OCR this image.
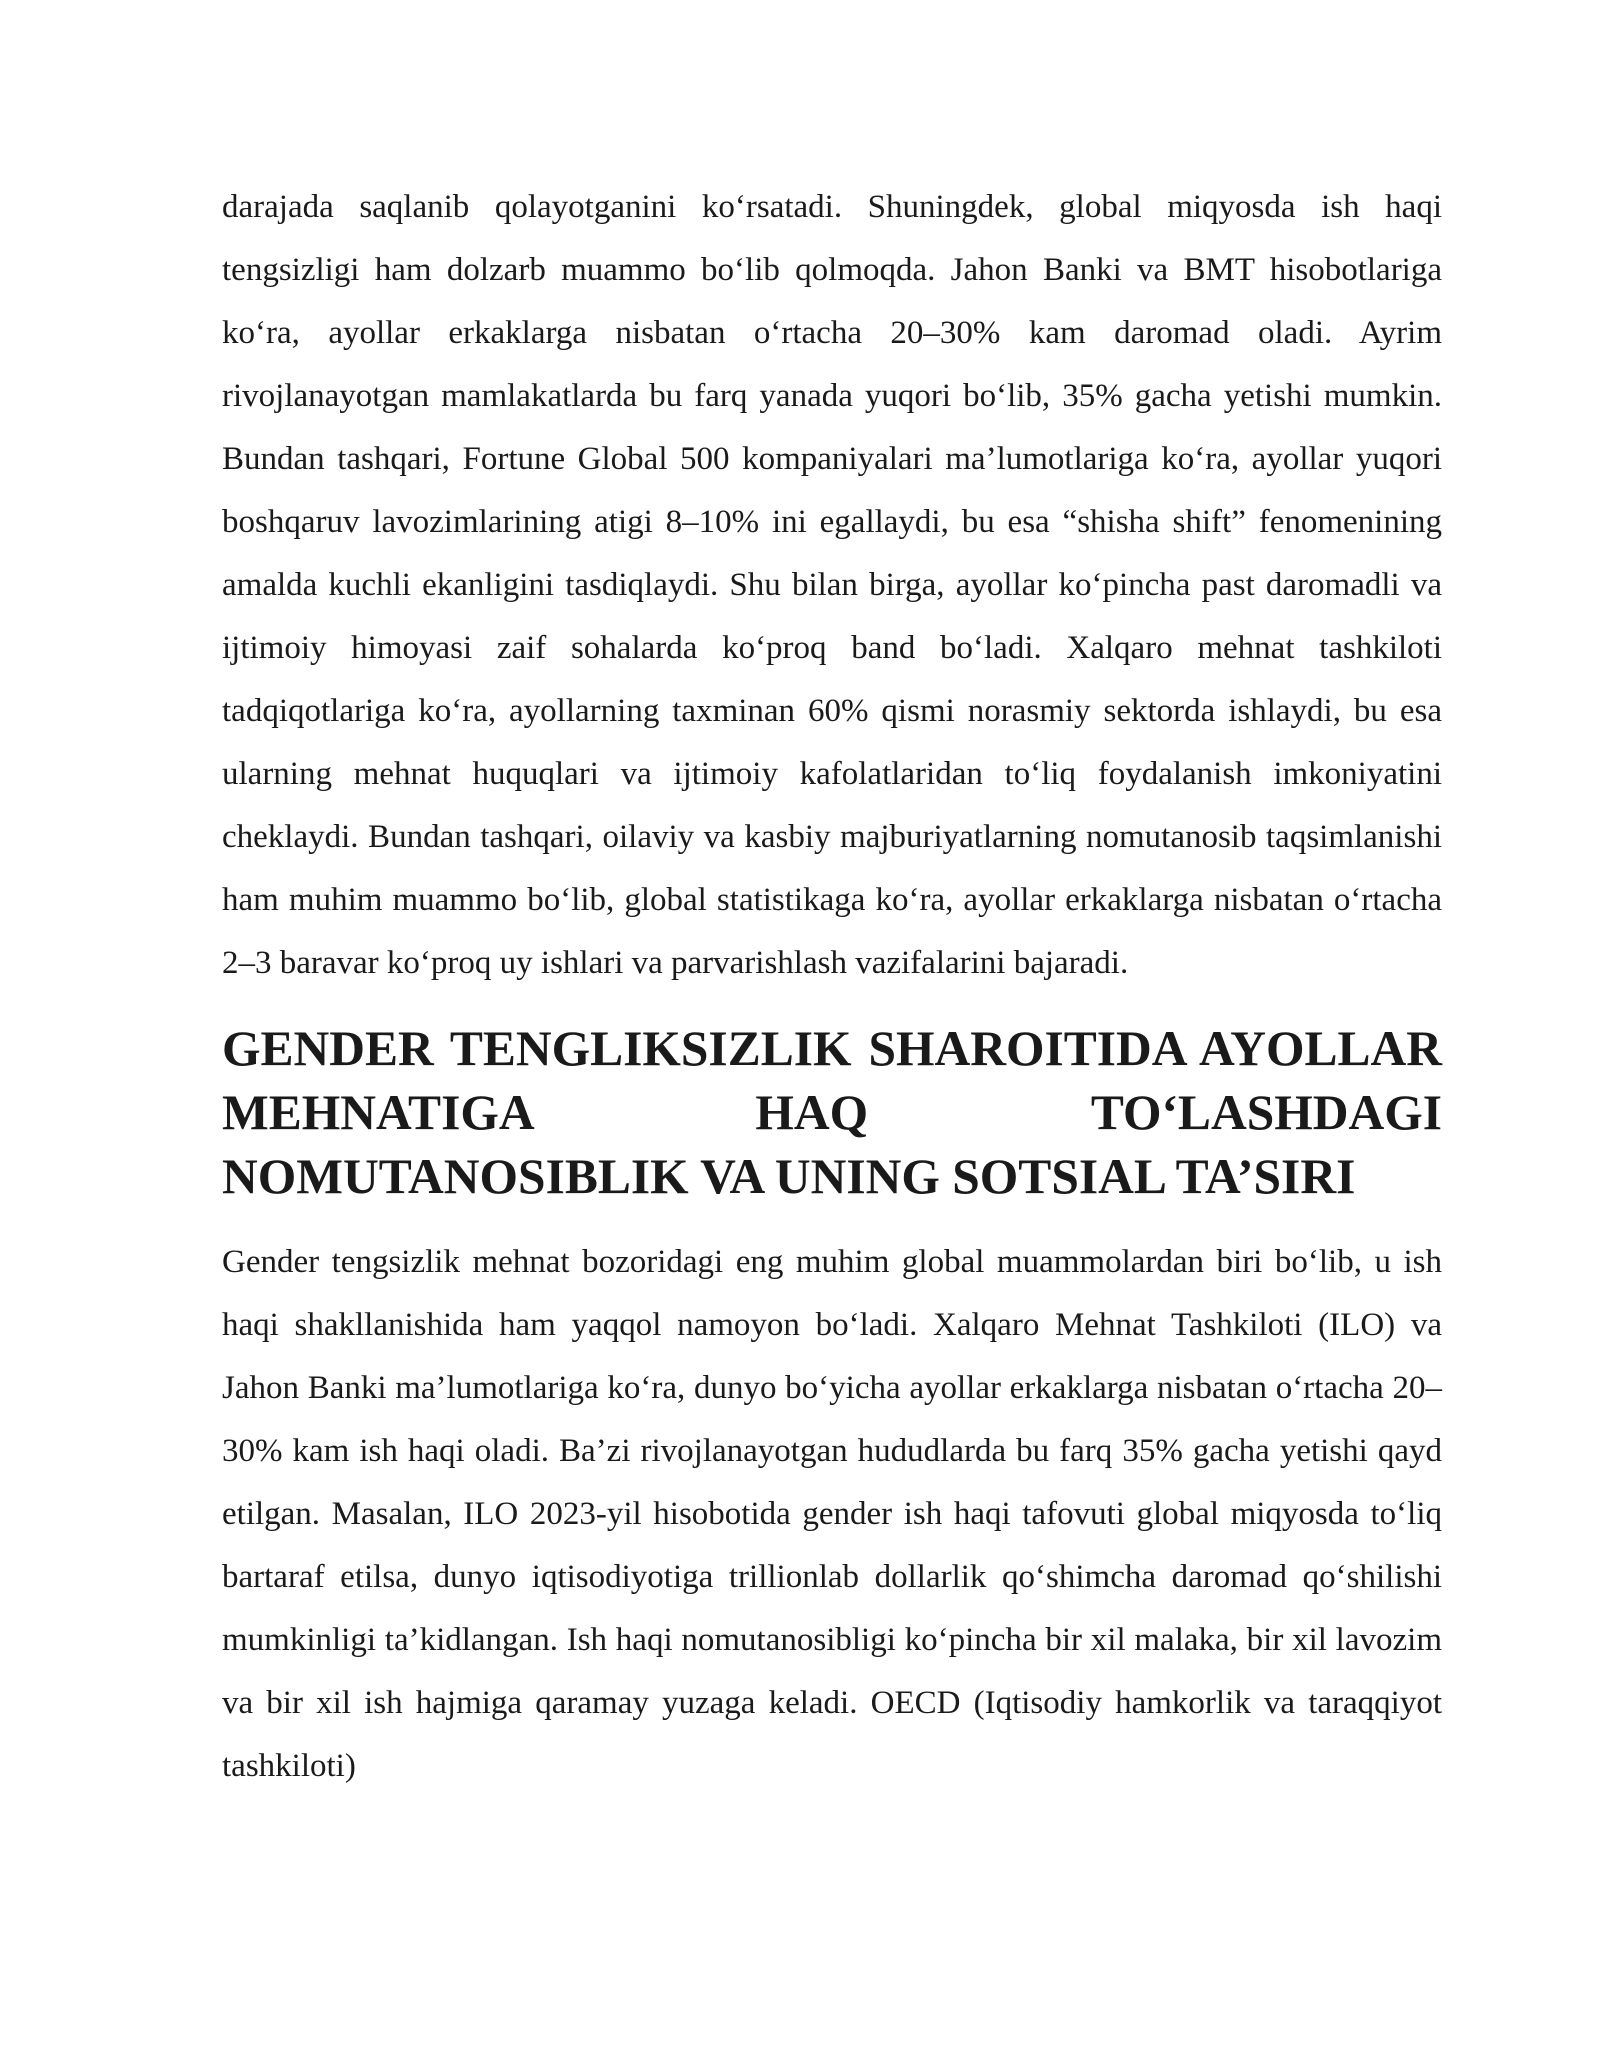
darajada saqlanib qolayotganini ko‘rsatadi. Shuningdek, global miqyosda ish haqi tengsizligi ham dolzarb muammo bo‘lib qolmoqda. Jahon Banki va BMT hisobotlariga ko‘ra, ayollar erkaklarga nisbatan o‘rtacha 20–30% kam daromad oladi. Ayrim rivojlanayotgan mamlakatlarda bu farq yanada yuqori bo‘lib, 35% gacha yetishi mumkin. Bundan tashqari, Fortune Global 500 kompaniyalari ma’lumotlariga ko‘ra, ayollar yuqori boshqaruv lavozimlarining atigi 8–10% ini egallaydi, bu esa “shisha shift” fenomenining amalda kuchli ekanligini tasdiqlaydi. Shu bilan birga, ayollar ko‘pincha past daromadli va ijtimoiy himoyasi zaif sohalarda ko‘proq band bo‘ladi. Xalqaro mehnat tashkiloti tadqiqotlariga ko‘ra, ayollarning taxminan 60% qismi norasmiy sektorda ishlaydi, bu esa ularning mehnat huquqlari va ijtimoiy kafolatlaridan to‘liq foydalanish imkoniyatini cheklaydi. Bundan tashqari, oilaviy va kasbiy majburiyatlarning nomutanosib taqsimlanishi ham muhim muammo bo‘lib, global statistikaga ko‘ra, ayollar erkaklarga nisbatan o‘rtacha 2–3 baravar ko‘proq uy ishlari va parvarishlash vazifalarini bajaradi.

GENDER TENGLIKSIZLIK SHAROITIDA AYOLLAR MEHNATIGA HAQ TO‘LASHDAGI NOMUTANOSIBLIK VA UNING SOTSIAL TA’SIRI

Gender tengsizlik mehnat bozoridagi eng muhim global muammolardan biri bo‘lib, u ish haqi shakllanishida ham yaqqol namoyon bo‘ladi. Xalqaro Mehnat Tashkiloti (ILO) va Jahon Banki ma’lumotlariga ko‘ra, dunyo bo‘yicha ayollar erkaklarga nisbatan o‘rtacha 20–30% kam ish haqi oladi. Ba’zi rivojlanayotgan hududlarda bu farq 35% gacha yetishi qayd etilgan. Masalan, ILO 2023-yil hisobotida gender ish haqi tafovuti global miqyosda to‘liq bartaraf etilsa, dunyo iqtisodiyotiga trillionlab dollarlik qo‘shimcha daromad qo‘shilishi mumkinligi ta’kidlangan. Ish haqi nomutanosibligi ko‘pincha bir xil malaka, bir xil lavozim va bir xil ish hajmiga qaramay yuzaga keladi. OECD (Iqtisodiy hamkorlik va taraqqiyot tashkiloti)
